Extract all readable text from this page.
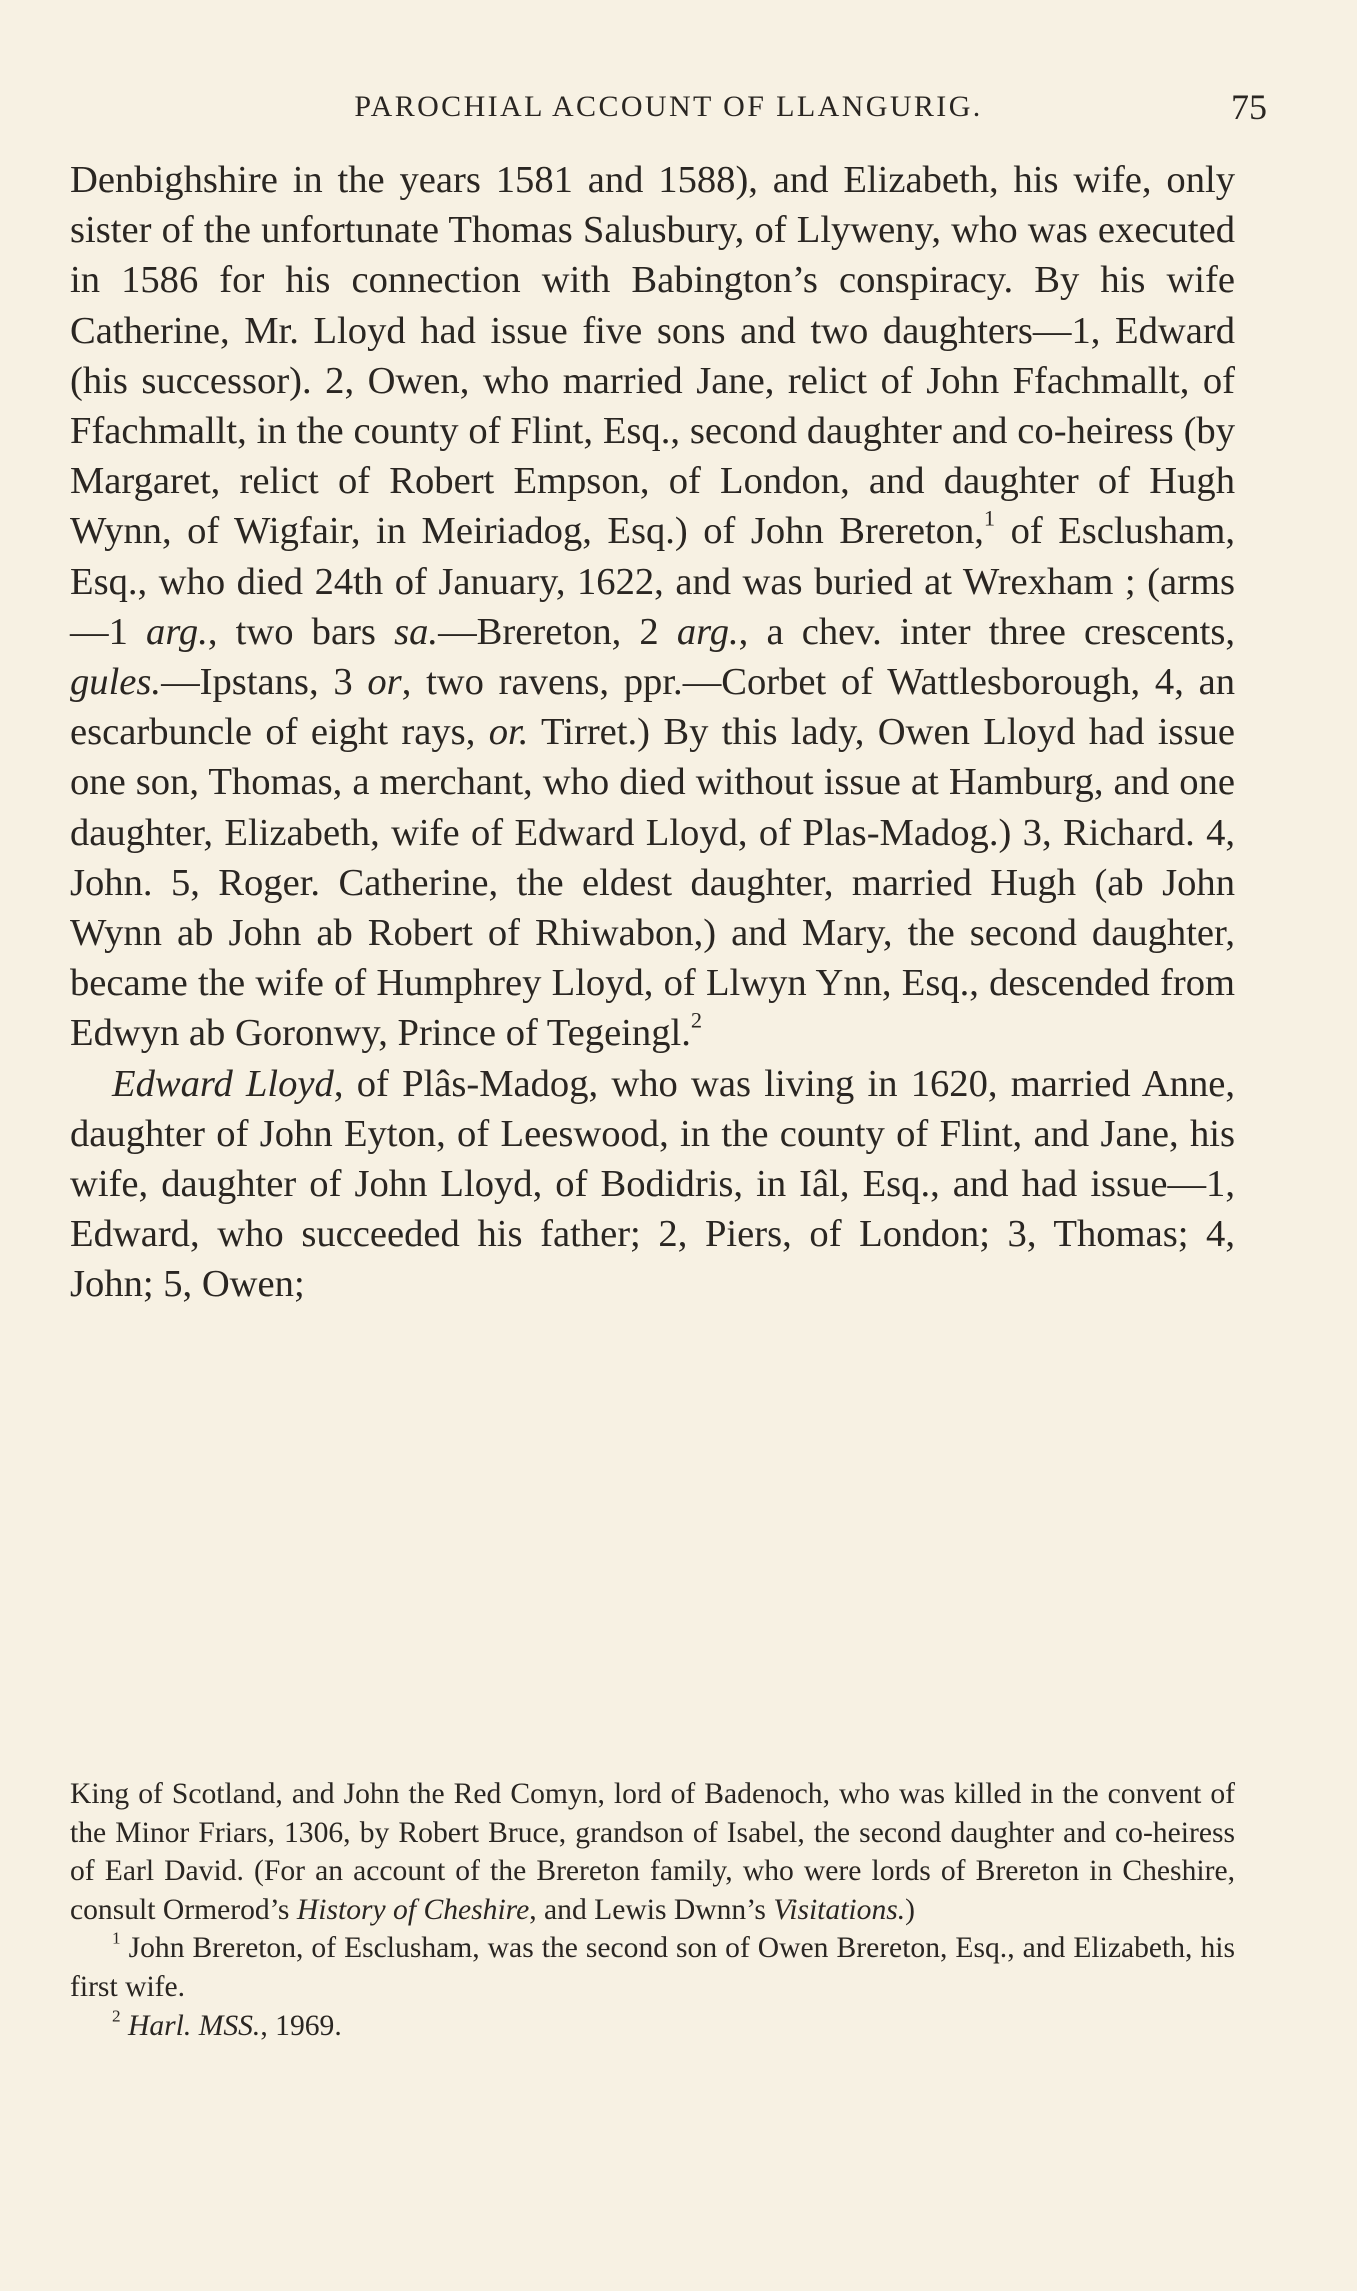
PAROCHIAL ACCOUNT OF LLANGURIG.	75

Denbighshire in the years 1581 and 1588), and Elizabeth, his wife, only sister of the unfortunate Thomas Salusbury, of Llyweny, who was executed in 1586 for his connection with Babington’s conspiracy. By his wife Catherine, Mr. Lloyd had issue five sons and two daughters—1, Edward (his successor). 2, Owen, who married Jane, relict of John Ffachmallt, of Ffachmallt, in the county of Flint, Esq., second daughter and co-heiress (by Margaret, relict of Robert Empson, of London, and daughter of Hugh Wynn, of Wigfair, in Meiriadog, Esq.) of John Brereton,$^1$ of Esclusham, Esq., who died 24th of January, 1622, and was buried at Wrexham ; (arms—1 arg., two bars sa.—Brereton, 2 arg., a chev. inter three crescents, gules.—Ipstans, 3 or, two ravens, ppr.—Corbet of Wattlesborough, 4, an escarbuncle of eight rays, or. Tirret.) By this lady, Owen Lloyd had issue one son, Thomas, a merchant, who died without issue at Hamburg, and one daughter, Elizabeth, wife of Edward Lloyd, of Plas-Madog.) 3, Richard. 4, John. 5, Roger. Catherine, the eldest daughter, married Hugh (ab John Wynn ab John ab Robert of Rhiwabon,) and Mary, the second daughter, became the wife of Humphrey Lloyd, of Llwyn Ynn, Esq., descended from Edwyn ab Goronwy, Prince of Tegeingl.$^2$

Edward Lloyd, of Plâs-Madog, who was living in 1620, married Anne, daughter of John Eyton, of Leeswood, in the county of Flint, and Jane, his wife, daughter of John Lloyd, of Bodidris, in Iâl, Esq., and had issue—1, Edward, who succeeded his father; 2, Piers, of London; 3, Thomas; 4, John; 5, Owen;

King of Scotland, and John the Red Comyn, lord of Badenoch, who was killed in the convent of the Minor Friars, 1306, by Robert Bruce, grandson of Isabel, the second daughter and co-heiress of Earl David. (For an account of the Brereton family, who were lords of Brereton in Cheshire, consult Ormerod’s History of Cheshire, and Lewis Dwnn’s Visitations.)

$^1$ John Brereton, of Esclusham, was the second son of Owen Brereton, Esq., and Elizabeth, his first wife.

$^2$ Harl. MSS., 1969.
